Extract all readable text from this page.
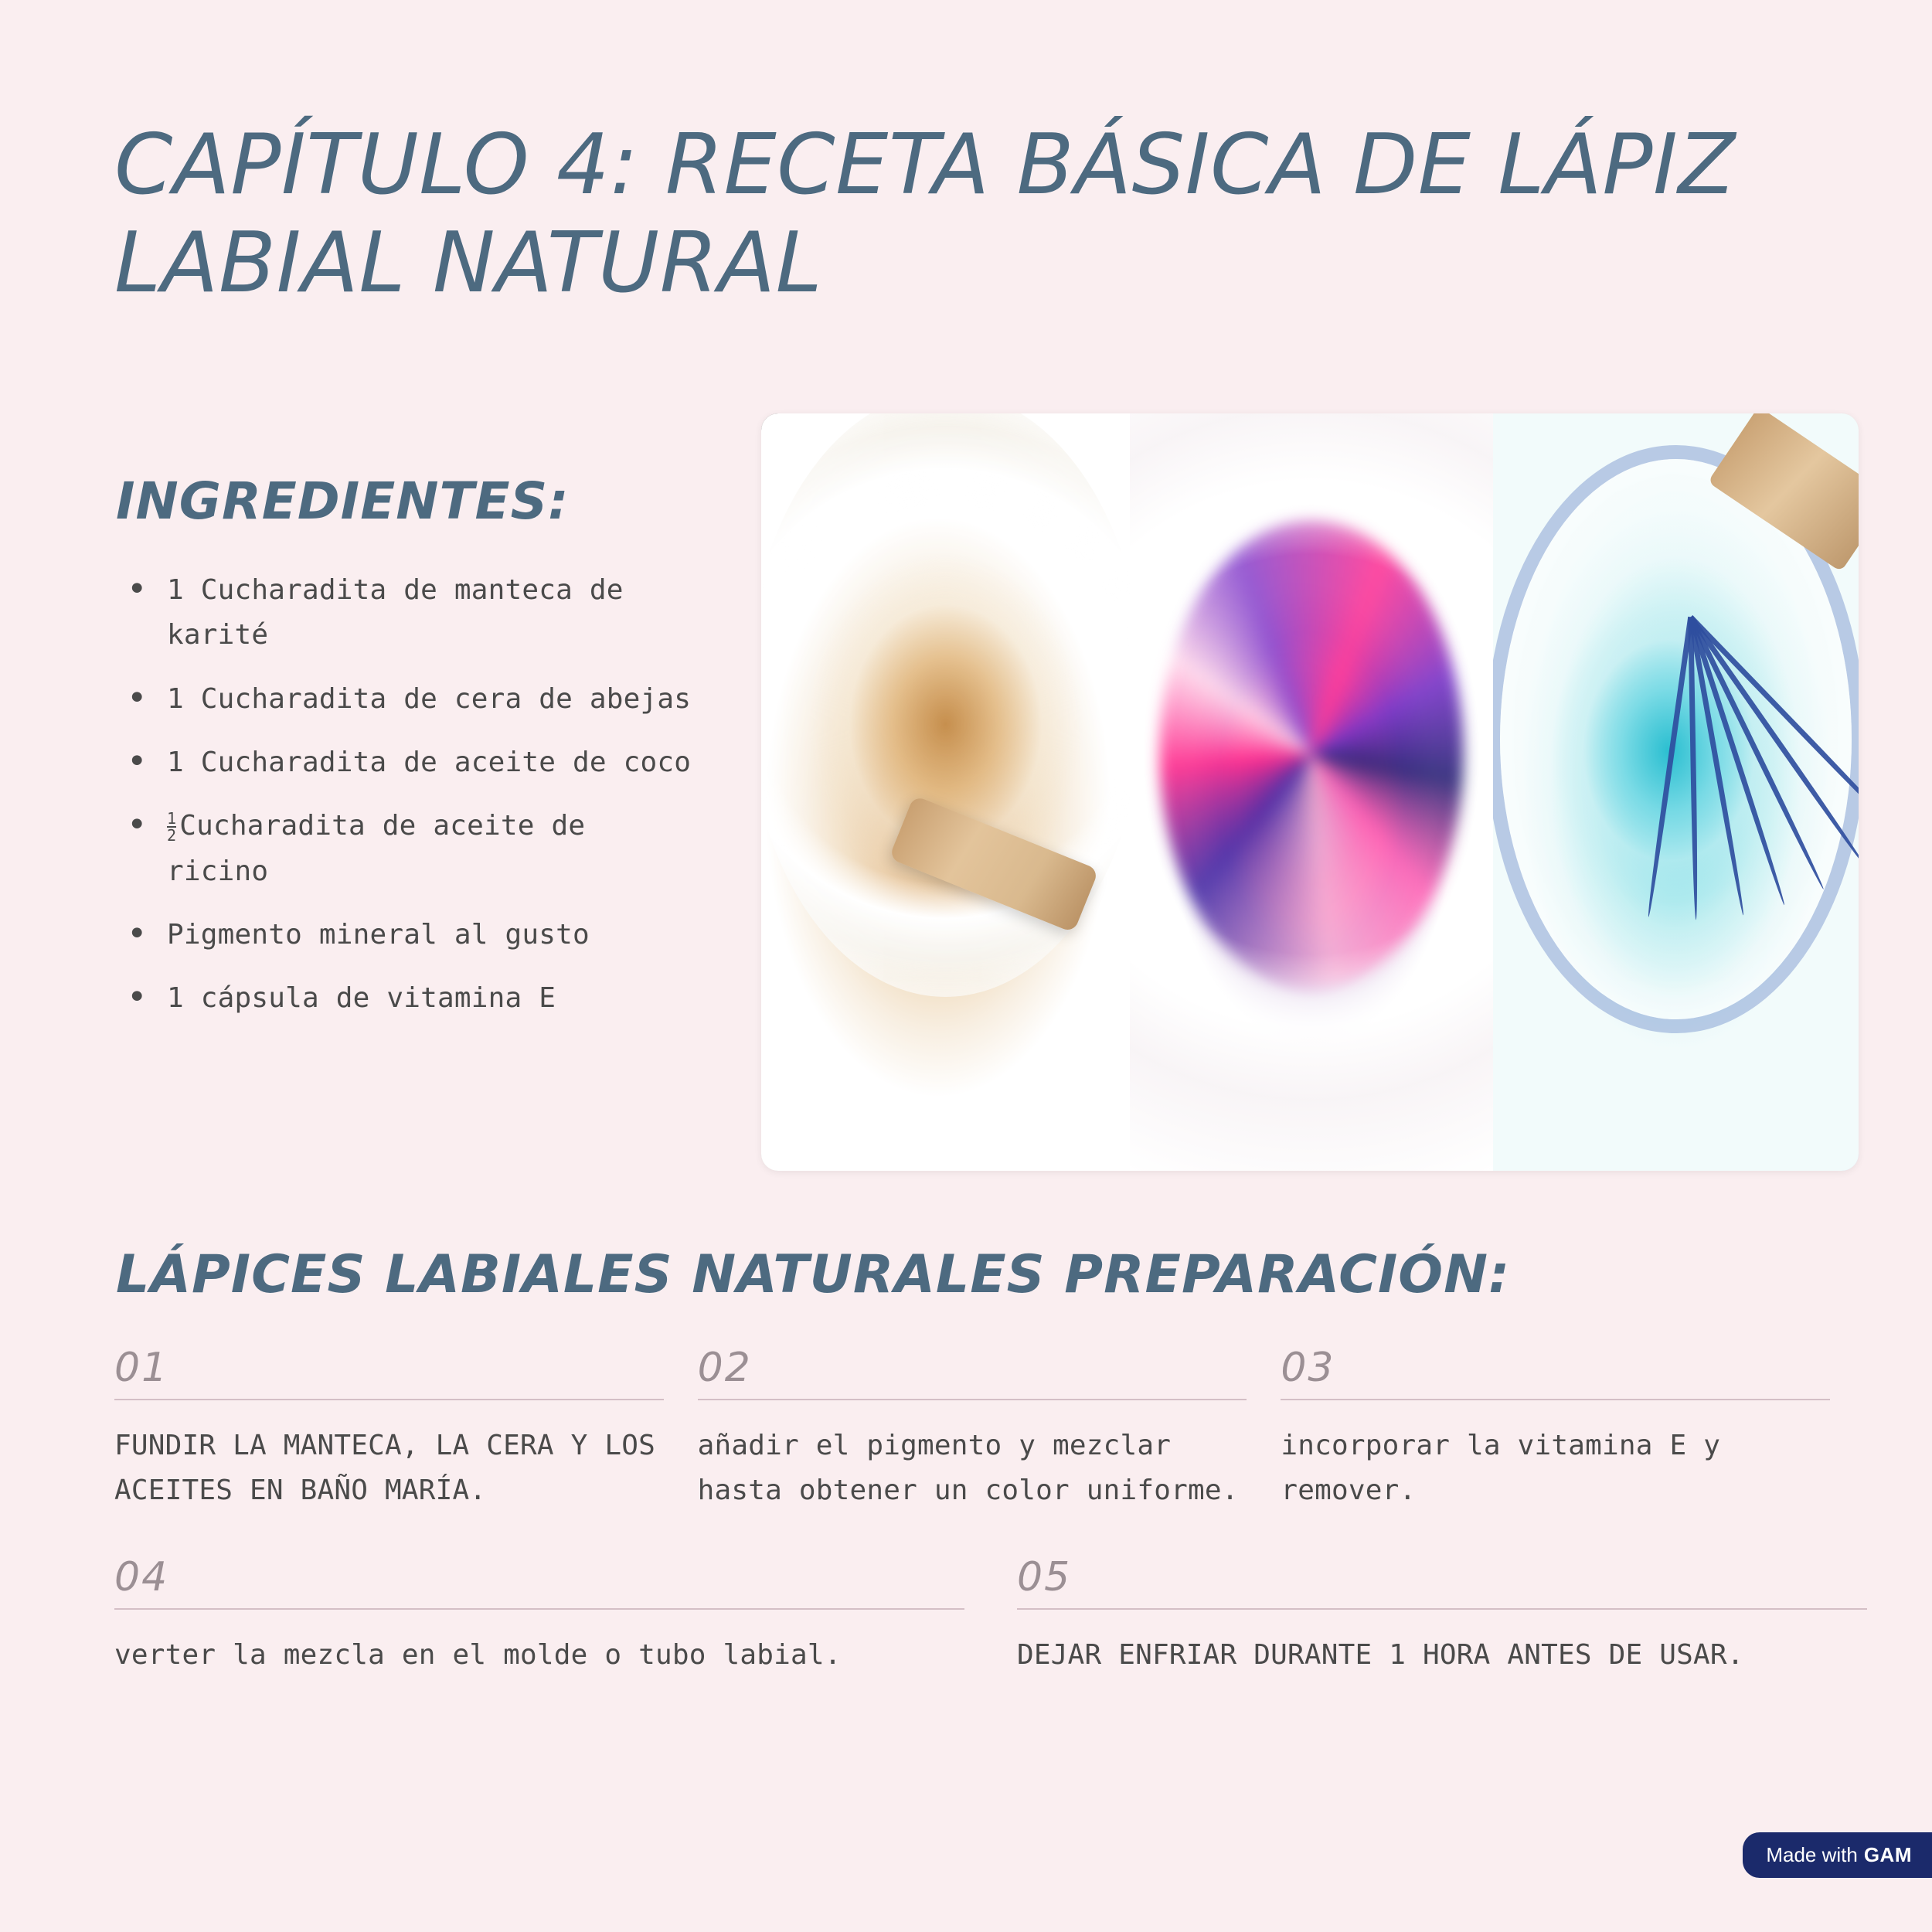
CAPÍTULO 4: RECETA BÁSICA DE LÁPIZ LABIAL NATURAL
INGREDIENTES:
• 1 Cucharadita de manteca de karité
• 1 Cucharadita de cera de abejas
• 1 Cucharadita de aceite de coco
• $\frac{1}{2}$ Cucharadita de aceite de ricino
• Pigmento mineral al gusto
• 1 cápsula de vitamina E
LÁPICES LABIALES NATURALES PREPARACIÓN:
01
FUNDIR LA MANTECA, LA CERA Y LOS ACEITES EN BAÑO MARÍA.
02
añadir el pigmento y mezclar hasta obtener un color uniforme.
03
incorporar la vitamina E y remover.
04
verter la mezcla en el molde o tubo labial.
05
DEJAR ENFRIAR DURANTE 1 HORA ANTES DE USAR.
Made with GAM
